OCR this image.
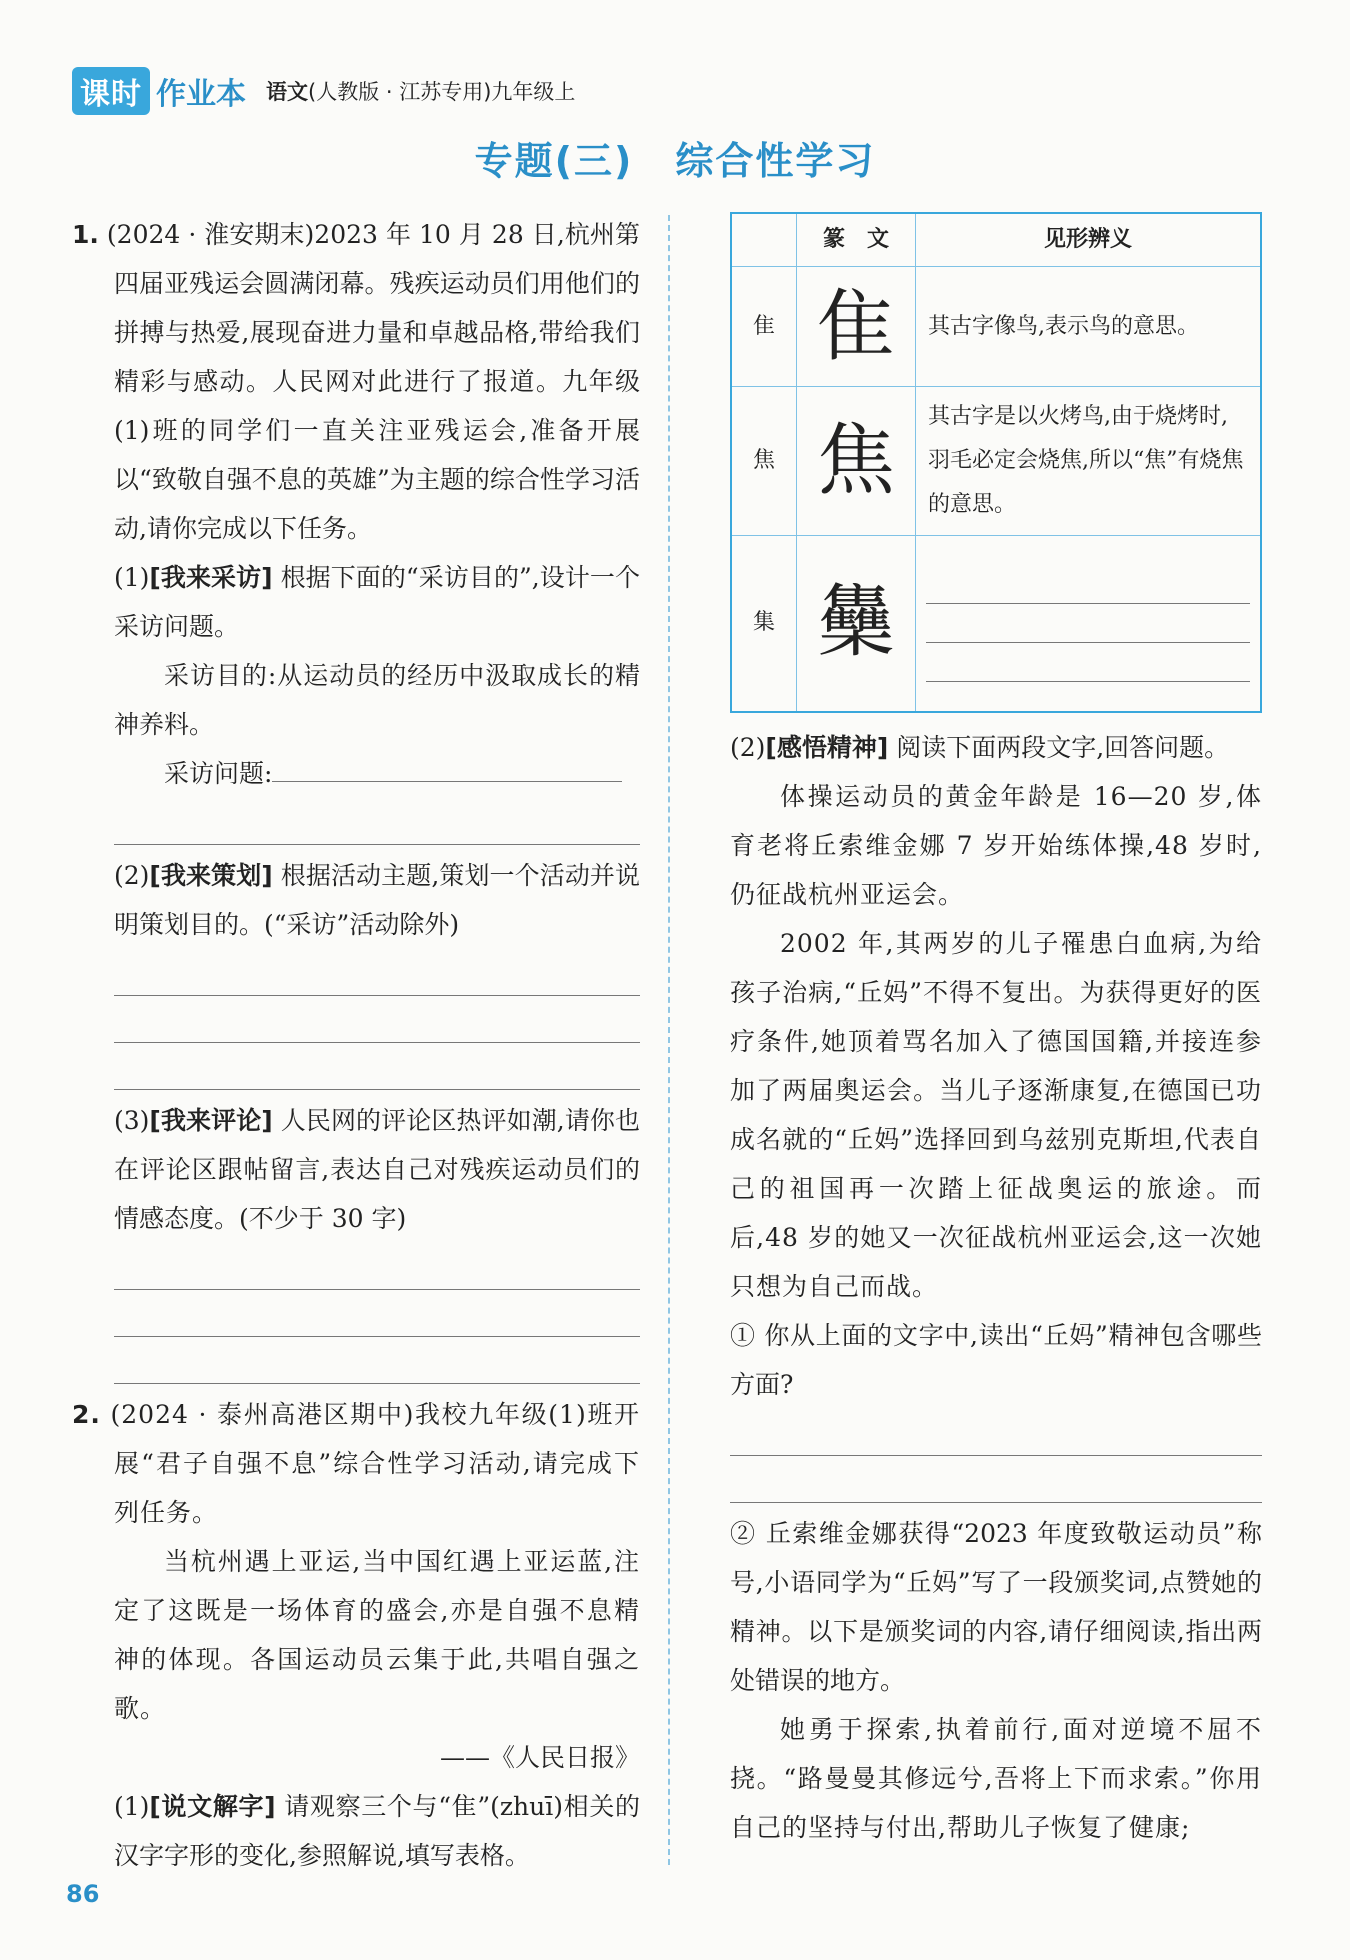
课时 作业本 语文(人教版 · 江苏专用)九年级上
专题(三) 综合性学习

1. (2024 · 淮安期末)2023 年 10 月 28 日,杭州第四届亚残运会圆满闭幕。残疾运动员们用他们的拼搏与热爱,展现奋进力量和卓越品格,带给我们精彩与感动。人民网对此进行了报道。九年级(1)班的同学们一直关注亚残运会,准备开展以“致敬自强不息的英雄”为主题的综合性学习活动,请你完成以下任务。

(1)[我来采访] 根据下面的“采访目的”,设计一个采访问题。

采访目的:从运动员的经历中汲取成长的精神养料。

采访问题:

(2)[我来策划] 根据活动主题,策划一个活动并说明策划目的。(“采访”活动除外)

(3)[我来评论] 人民网的评论区热评如潮,请你也在评论区跟帖留言,表达自己对残疾运动员们的情感态度。(不少于 30 字)

2. (2024 · 泰州高港区期中)我校九年级(1)班开展“君子自强不息”综合性学习活动,请完成下列任务。

当杭州遇上亚运,当中国红遇上亚运蓝,注定了这既是一场体育的盛会,亦是自强不息精神的体现。各国运动员云集于此,共唱自强之歌。

——《人民日报》

(1)[说文解字] 请观察三个与“隹”(zhuī)相关的汉字字形的变化,参照解说,填写表格。

	篆　文	见形辨义
隹	隹	其古字像鸟,表示鸟的意思。
焦	焦	其古字是以火烤鸟,由于烧烤时,羽毛必定会烧焦,所以“焦”有烧焦的意思。
集	雧	

(2)[感悟精神] 阅读下面两段文字,回答问题。

体操运动员的黄金年龄是 16—20 岁,体育老将丘索维金娜 7 岁开始练体操,48 岁时,仍征战杭州亚运会。

2002 年,其两岁的儿子罹患白血病,为给孩子治病,“丘妈”不得不复出。为获得更好的医疗条件,她顶着骂名加入了德国国籍,并接连参加了两届奥运会。当儿子逐渐康复,在德国已功成名就的“丘妈”选择回到乌兹别克斯坦,代表自己的祖国再一次踏上征战奥运的旅途。而后,48 岁的她又一次征战杭州亚运会,这一次她只想为自己而战。

① 你从上面的文字中,读出“丘妈”精神包含哪些方面?

② 丘索维金娜获得“2023 年度致敬运动员”称号,小语同学为“丘妈”写了一段颁奖词,点赞她的精神。以下是颁奖词的内容,请仔细阅读,指出两处错误的地方。

她勇于探索,执着前行,面对逆境不屈不挠。“路曼曼其修远兮,吾将上下而求索。”你用自己的坚持与付出,帮助儿子恢复了健康;

86
